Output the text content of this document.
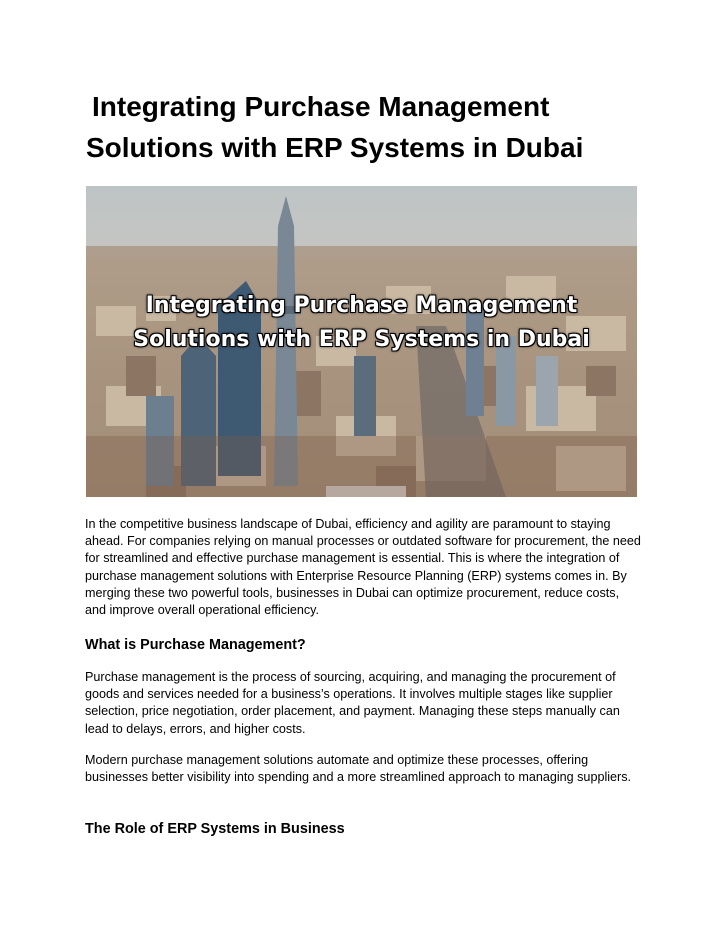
Integrating Purchase Management
Solutions with ERP Systems in Dubai
Integrating Purchase Management
Solutions with ERP Systems in Dubai

In the competitive business landscape of Dubai, efficiency and agility are paramount to staying ahead. For companies relying on manual processes or outdated software for procurement, the need for streamlined and effective purchase management is essential. This is where the integration of purchase management solutions with Enterprise Resource Planning (ERP) systems comes in. By merging these two powerful tools, businesses in Dubai can optimize procurement, reduce costs, and improve overall operational efficiency.

What is Purchase Management?

Purchase management is the process of sourcing, acquiring, and managing the procurement of goods and services needed for a business’s operations. It involves multiple stages like supplier selection, price negotiation, order placement, and payment. Managing these steps manually can lead to delays, errors, and higher costs.

Modern purchase management solutions automate and optimize these processes, offering businesses better visibility into spending and a more streamlined approach to managing suppliers.

The Role of ERP Systems in Business
